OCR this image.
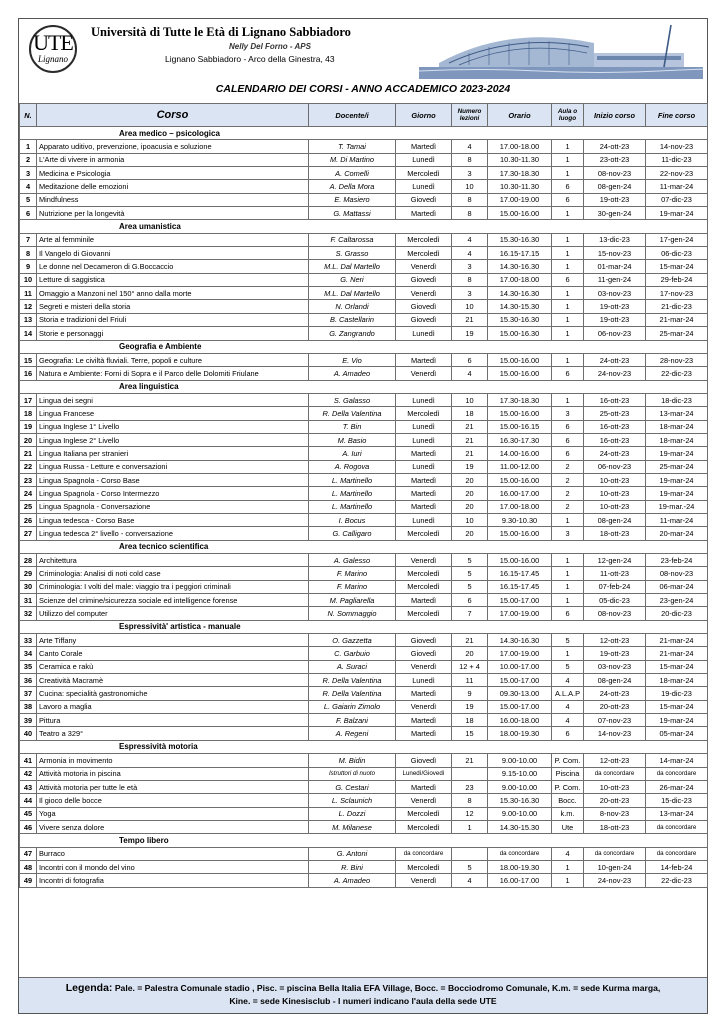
UTE
Lignano
Università di Tutte le Età di Lignano Sabbiadoro
Nelly Del Forno - APS
Lignano Sabbiadoro - Arco della Ginestra, 43
CALENDARIO DEI CORSI - ANNO ACCADEMICO 2023-2024
N.	Corso	Docente/i	Giorno	Numero lezioni	Orario	Aula o luogo	Inizio corso	Fine corso
	Area medico – psicologica							
1	Apparato uditivo, prevenzione, ipoacusia e soluzione	T. Tamai	Martedì	4	17.00-18.00	1	24-ott-23	14-nov-23
2	L'Arte di vivere in armonia	M. Di Martino	Lunedì	8	10.30-11.30	1	23-ott-23	11-dic-23
3	Medicina e Psicologia	A. Comelli	Mercoledì	3	17.30-18.30	1	08-nov-23	22-nov-23
4	Meditazione delle emozioni	A. Della Mora	Lunedì	10	10.30-11.30	6	08-gen-24	11-mar-24
5	Mindfulness	E. Masiero	Giovedì	8	17.00-19.00	6	19-ott-23	07-dic-23
6	Nutrizione per la longevità	G. Mattassi	Martedì	8	15.00-16.00	1	30-gen-24	19-mar-24
	Area umanistica							
7	Arte al femminile	F. Caltarossa	Mercoledì	4	15.30-16.30	1	13-dic-23	17-gen-24
8	Il Vangelo di Giovanni	S. Grasso	Mercoledì	4	16.15-17.15	1	15-nov-23	06-dic-23
9	Le donne nel Decameron di G.Boccaccio	M.L. Dal Martello	Venerdì	3	14.30-16.30	1	01-mar-24	15-mar-24
10	Letture di saggistica	G. Neri	Giovedì	8	17.00-18.00	6	11-gen-24	29-feb-24
11	Omaggio a Manzoni nel 150° anno dalla morte	M.L. Dal Martello	Venerdì	3	14.30-16.30	1	03-nov-23	17-nov-23
12	Segreti e misteri della storia	N. Orlandi	Giovedì	10	14.30-15.30	1	19-ott-23	21-dic-23
13	Storia e tradizioni del Friuli	B. Castellarin	Giovedì	21	15.30-16.30	1	19-ott-23	21-mar-24
14	Storie e personaggi	G. Zangrando	Lunedì	19	15.00-16.30	1	06-nov-23	25-mar-24
	Geografia e Ambiente							
15	Geografia: Le civiltà fluviali. Terre, popoli e culture	E. Vio	Martedì	6	15.00-16.00	1	24-ott-23	28-nov-23
16	Natura e Ambiente: Forni di Sopra e il Parco delle Dolomiti Friulane	A. Amadeo	Venerdì	4	15.00-16.00	6	24-nov-23	22-dic-23
	Area linguistica							
17	Lingua dei segni	S. Galasso	Lunedì	10	17.30-18.30	1	16-ott-23	18-dic-23
18	Lingua Francese	R. Della Valentina	Mercoledì	18	15.00-16.00	3	25-ott-23	13-mar-24
19	Lingua Inglese 1° Livello	T. Bin	Lunedì	21	15.00-16.15	6	16-ott-23	18-mar-24
20	Lingua Inglese 2° Livello	M. Basio	Lunedì	21	16.30-17.30	6	16-ott-23	18-mar-24
21	Lingua Italiana per stranieri	A. Iuri	Martedì	21	14.00-16.00	6	24-ott-23	19-mar-24
22	Lingua Russa - Letture e conversazioni	A. Rogova	Lunedì	19	11.00-12.00	2	06-nov-23	25-mar-24
23	Lingua Spagnola - Corso Base	L. Martinello	Martedì	20	15.00-16.00	2	10-ott-23	19-mar-24
24	Lingua Spagnola - Corso Intermezzo	L. Martinello	Martedì	20	16.00-17.00	2	10-ott-23	19-mar-24
25	Lingua Spagnola - Conversazione	L. Martinello	Martedì	20	17.00-18.00	2	10-ott-23	19-mar.-24
26	Lingua tedesca - Corso Base	I. Bocus	Lunedì	10	9.30-10.30	1	08-gen-24	11-mar-24
27	Lingua tedesca 2° livello - conversazione	G. Calligaro	Mercoledì	20	15.00-16.00	3	18-ott-23	20-mar-24
	Area tecnico scientifica							
28	Architettura	A. Galesso	Venerdì	5	15.00-16.00	1	12-gen-24	23-feb-24
29	Criminologia: Analisi di noti cold case	F. Marino	Mercoledì	5	16.15-17.45	1	11-ott-23	08-nov-23
30	Criminologia: I volti del male: viaggio tra i peggiori criminali	F. Marino	Mercoledì	5	16.15-17.45	1	07-feb-24	06-mar-24
31	Scienze del crimine/sicurezza sociale ed intelligence forense	M. Pagliarella	Martedì	6	15.00-17.00	1	05-dic-23	23-gen-24
32	Utilizzo del computer	N. Sommaggio	Mercoledì	7	17.00-19.00	6	08-nov-23	20-dic-23
	Espressività' artistica - manuale							
33	Arte Tiffany	O. Gazzetta	Giovedì	21	14.30-16.30	5	12-ott-23	21-mar-24
34	Canto Corale	C. Garbuio	Giovedì	20	17.00-19.00	1	19-ott-23	21-mar-24
35	Ceramica e rakù	A. Suraci	Venerdì	12 + 4	10.00-17.00	5	03-nov-23	15-mar-24
36	Creatività Macramè	R. Della Valentina	Lunedì	11	15.00-17.00	4	08-gen-24	18-mar-24
37	Cucina: specialità gastronomiche	R. Della Valentina	Martedì	9	09.30-13.00	A.L.A.P	24-ott-23	19-dic-23
38	Lavoro a maglia	L. Gaiarin Zimolo	Venerdì	19	15.00-17.00	4	20-ott-23	15-mar-24
39	Pittura	F. Balzani	Martedì	18	16.00-18.00	4	07-nov-23	19-mar-24
40	Teatro a 329°	A. Regeni	Martedì	15	18.00-19.30	6	14-nov-23	05-mar-24
	Espressività motoria							
41	Armonia in movimento	M. Bidin	Giovedì	21	9.00-10.00	P. Com.	12-ott-23	14-mar-24
42	Attività motoria in piscina	Istruttori di nuoto	Lunedì/Giovedì		9.15-10.00	Piscina	da concordare	da concordare
43	Attività motoria per tutte le età	G. Cestari	Martedì	23	9.00-10.00	P. Com.	10-ott-23	26-mar-24
44	Il gioco delle bocce	L. Sclaunich	Venerdì	8	15.30-16.30	Bocc.	20-ott-23	15-dic-23
45	Yoga	L. Dozzi	Mercoledì	12	9.00-10.00	k.m.	8-nov-23	13-mar-24
46	Vivere senza dolore	M. Milanese	Mercoledì	1	14.30-15.30	Ute	18-ott-23	da concordare
	Tempo libero							
47	Burraco	G. Antoni	da concordare		da concordare	4	da concordare	da concordare
48	Incontri con il mondo del vino	R. Bini	Mercoledì	5	18.00-19.30	1	10-gen-24	14-feb-24
49	Incontri di fotografia	A. Amadeo	Venerdì	4	16.00-17.00	1	24-nov-23	22-dic-23
Legenda: Pale. = Palestra Comunale stadio , Pisc. = piscina Bella Italia EFA Village, Bocc. = Bocciodromo Comunale, K.m. = sede Kurma marga,
Kine. = sede Kinesisclub - I numeri indicano l'aula della sede UTE
